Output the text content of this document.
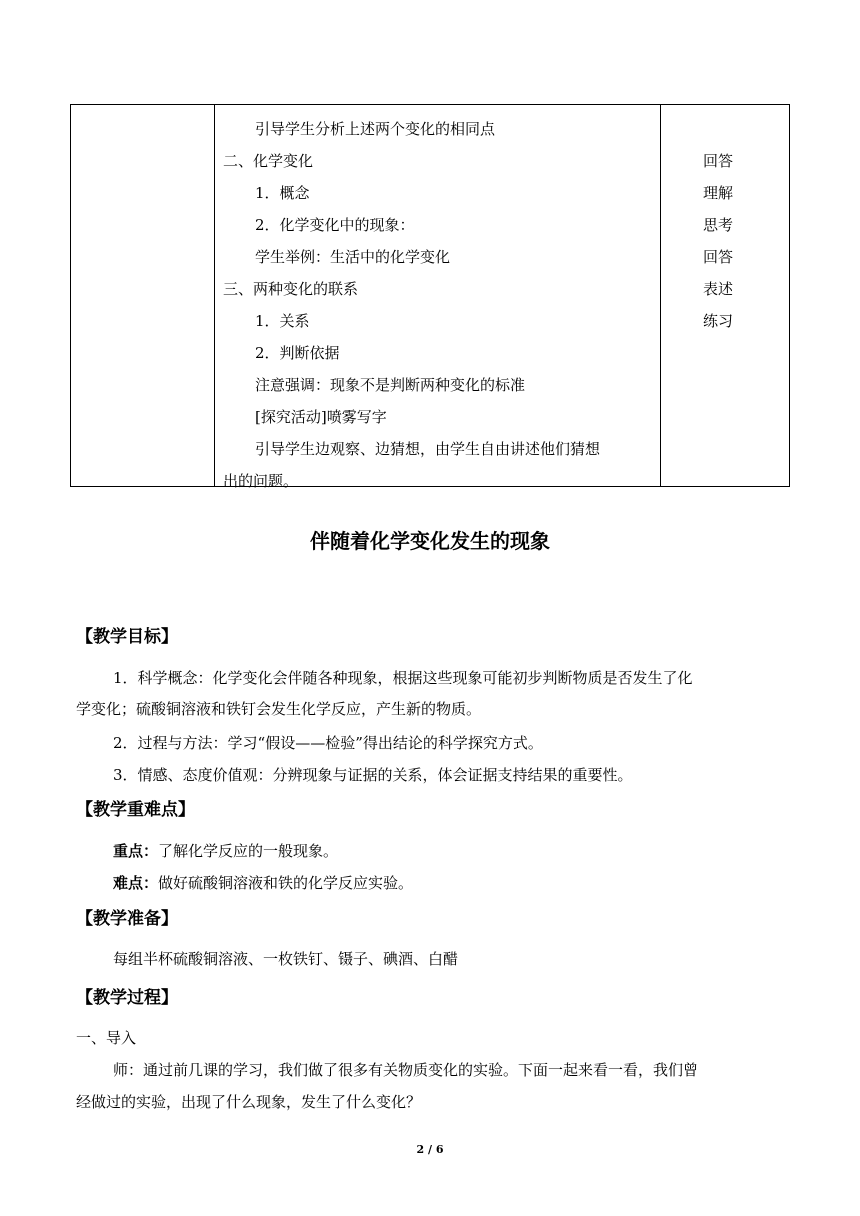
引导学生分析上述两个变化的相同点
二、化学变化
1．概念
2．化学变化中的现象：
学生举例：生活中的化学变化
三、两种变化的联系
1．关系
2．判断依据
注意强调：现象不是判断两种变化的标准
[探究活动]喷雾写字
引导学生边观察、边猜想，由学生自由讲述他们猜想
出的问题。
回答
理解
思考
回答
表述
练习
伴随着化学变化发生的现象
【教学目标】
1．科学概念：化学变化会伴随各种现象，根据这些现象可能初步判断物质是否发生了化
学变化；硫酸铜溶液和铁钉会发生化学反应，产生新的物质。
2．过程与方法：学习“假设——检验”得出结论的科学探究方式。
3．情感、态度价值观：分辨现象与证据的关系，体会证据支持结果的重要性。
【教学重难点】
重点：了解化学反应的一般现象。
难点：做好硫酸铜溶液和铁的化学反应实验。
【教学准备】
每组半杯硫酸铜溶液、一枚铁钉、镊子、碘酒、白醋
【教学过程】
一、导入
师：通过前几课的学习，我们做了很多有关物质变化的实验。下面一起来看一看，我们曾
经做过的实验，出现了什么现象，发生了什么变化？
2 / 6
